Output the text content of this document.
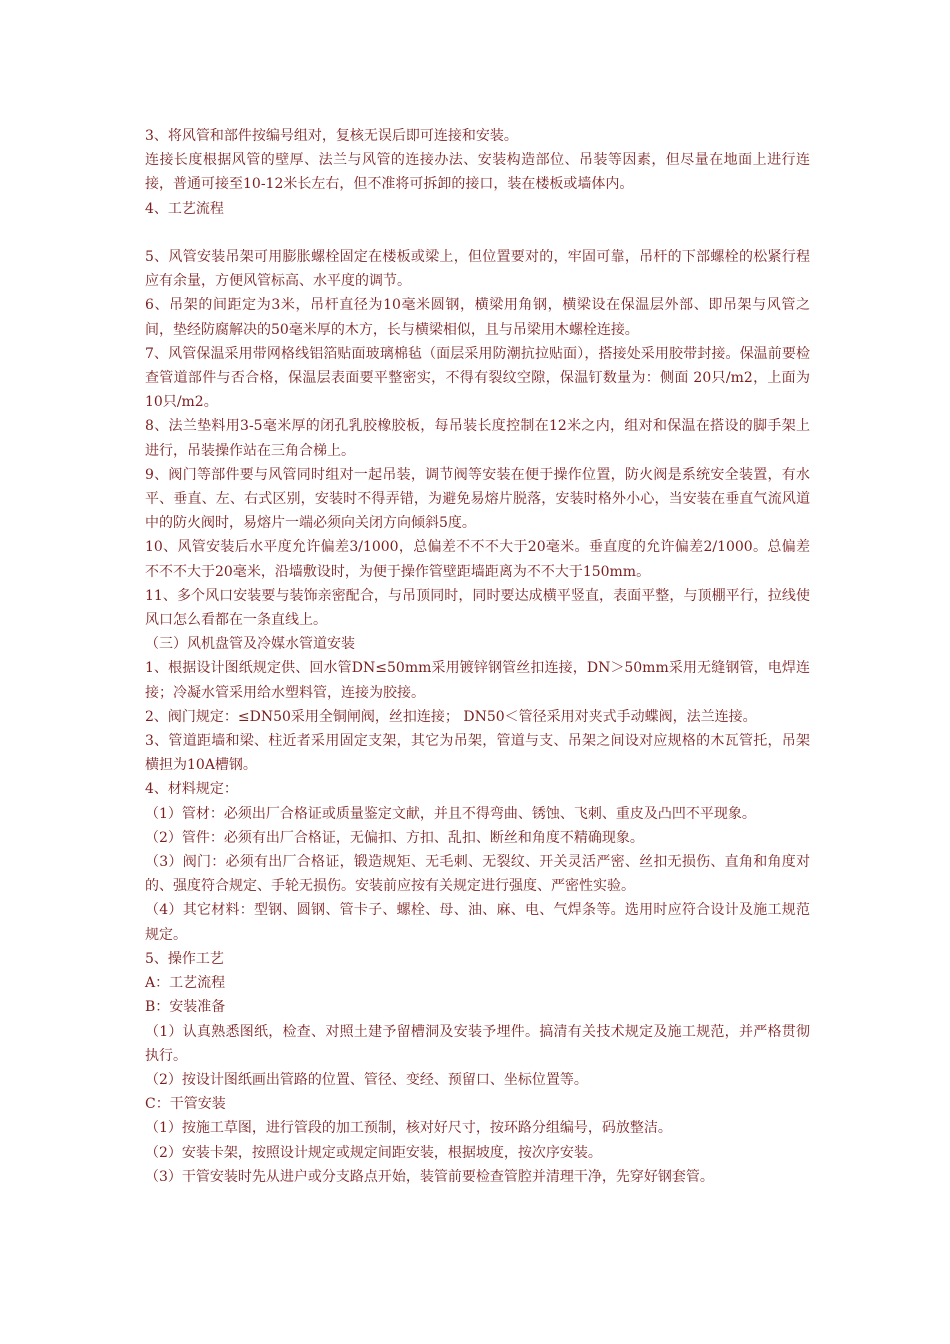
3、将风管和部件按编号组对，复核无误后即可连接和安装。

连接长度根据风管的壁厚、法兰与风管的连接办法、安装构造部位、吊装等因素，但尽量在地面上进行连接，普通可接至10-12米长左右，但不准将可拆卸的接口，装在楼板或墙体内。

4、工艺流程

5、风管安装吊架可用膨胀螺栓固定在楼板或梁上，但位置要对的，牢固可靠，吊杆的下部螺栓的松紧行程应有余量，方便风管标高、水平度的调节。

6、吊架的间距定为3米，吊杆直径为10毫米圆钢，横梁用角钢，横梁设在保温层外部、即吊架与风管之间，垫经防腐解决的50毫米厚的木方，长与横梁相似，且与吊梁用木螺栓连接。

7、风管保温采用带网格线铝箔贴面玻璃棉毡（面层采用防潮抗拉贴面），搭接处采用胶带封接。保温前要检查管道部件与否合格，保温层表面要平整密实，不得有裂纹空隙，保温钉数量为：侧面 20只/m2，上面为10只/m2。

8、法兰垫料用3-5毫米厚的闭孔乳胶橡胶板，每吊装长度控制在12米之内，组对和保温在搭设的脚手架上进行，吊装操作站在三角合梯上。

9、阀门等部件要与风管同时组对一起吊装，调节阀等安装在便于操作位置，防火阀是系统安全装置，有水平、垂直、左、右式区别，安装时不得弄错，为避免易熔片脱落，安装时格外小心，当安装在垂直气流风道中的防火阀时，易熔片一端必须向关闭方向倾斜5度。

10、风管安装后水平度允许偏差3/1000，总偏差不不不大于20毫米。垂直度的允许偏差2/1000。总偏差不不不大于20毫米，沿墙敷设时，为便于操作管壁距墙距离为不不大于150mm。

11、多个风口安装要与装饰亲密配合，与吊顶同时，同时要达成横平竖直，表面平整，与顶棚平行，拉线使风口怎么看都在一条直线上。

（三）风机盘管及冷媒水管道安装

1、根据设计图纸规定供、回水管DN≤50mm采用镀锌钢管丝扣连接，DN＞50mm采用无缝钢管，电焊连接；冷凝水管采用给水塑料管，连接为胶接。

2、阀门规定：≤DN50采用全铜闸阀，丝扣连接； DN50＜管径采用对夹式手动蝶阀，法兰连接。

3、管道距墙和梁、柱近者采用固定支架，其它为吊架，管道与支、吊架之间设对应规格的木瓦管托，吊架横担为10A槽钢。

4、材料规定：

（1）管材：必须出厂合格证或质量鉴定文献，并且不得弯曲、锈蚀、飞刺、重皮及凸凹不平现象。

（2）管件：必须有出厂合格证，无偏扣、方扣、乱扣、断丝和角度不精确现象。

（3）阀门：必须有出厂合格证，锻造规矩、无毛刺、无裂纹、开关灵活严密、丝扣无损伤、直角和角度对的、强度符合规定、手轮无损伤。安装前应按有关规定进行强度、严密性实验。

（4）其它材料：型钢、圆钢、管卡子、螺栓、母、油、麻、电、气焊条等。选用时应符合设计及施工规范规定。

5、操作工艺

A：工艺流程

B：安装准备

（1）认真熟悉图纸，检查、对照土建予留槽洞及安装予埋件。搞清有关技术规定及施工规范，并严格贯彻执行。

（2）按设计图纸画出管路的位置、管径、变经、预留口、坐标位置等。

C：干管安装

（1）按施工草图，进行管段的加工预制，核对好尺寸，按环路分组编号，码放整洁。

（2）安装卡架，按照设计规定或规定间距安装，根据坡度，按次序安装。

（3）干管安装时先从进户或分支路点开始，装管前要检查管腔并清理干净，先穿好钢套管。
